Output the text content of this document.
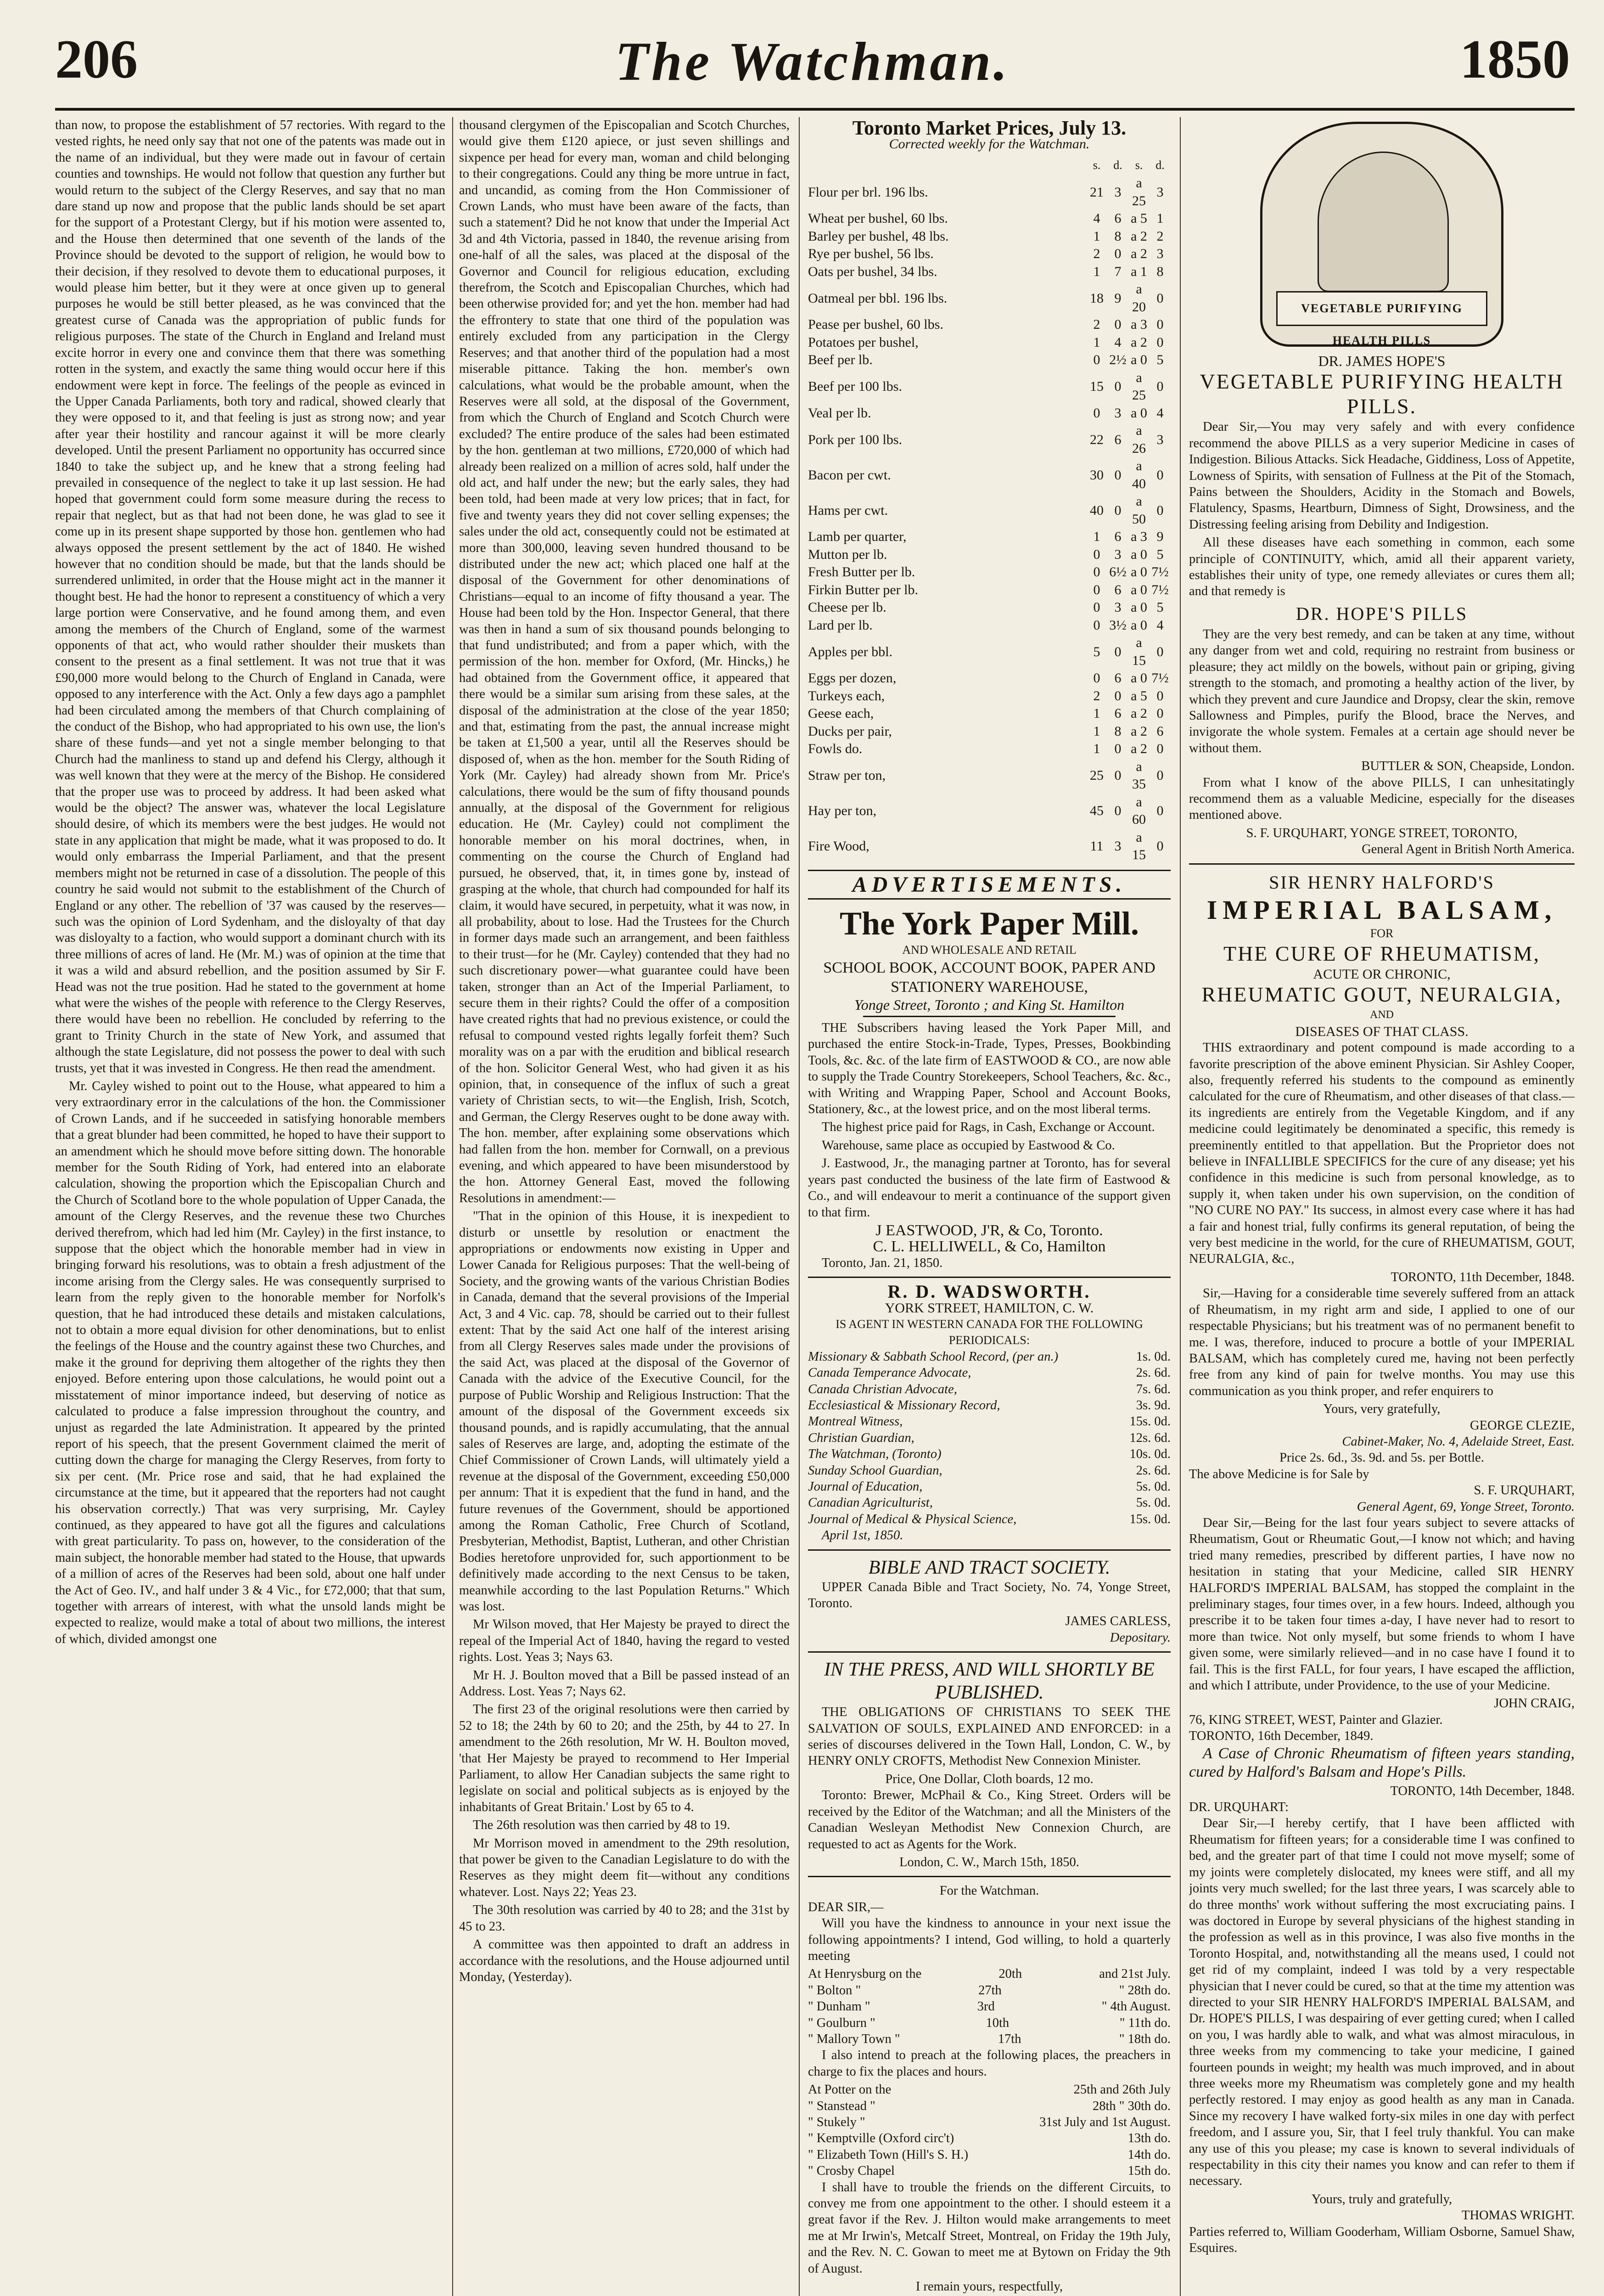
206	The Watchman.	1850

than now, to propose the establishment of 57 rectories. With regard to the vested rights, he need only say that not one of the patents was made out in the name of an individual, but they were made out in favour of certain counties and townships. He would not follow that question any further but would return to the subject of the Clergy Reserves, and say that no man dare stand up now and propose that the public lands should be set apart for the support of a Protestant Clergy, but if his motion were assented to, and the House then determined that one seventh of the lands of the Province should be devoted to the support of religion, he would bow to their decision, if they resolved to devote them to educational purposes, it would please him better, but it they were at once given up to general purposes he would be still better pleased, as he was convinced that the greatest curse of Canada was the appropriation of public funds for religious purposes. The state of the Church in England and Ireland must excite horror in every one and convince them that there was something rotten in the system, and exactly the same thing would occur here if this endowment were kept in force. The feelings of the people as evinced in the Upper Canada Parliaments, both tory and radical, showed clearly that they were opposed to it, and that feeling is just as strong now; and year after year their hostility and rancour against it will be more clearly developed. Until the present Parliament no opportunity has occurred since 1840 to take the subject up, and he knew that a strong feeling had prevailed in consequence of the neglect to take it up last session. He had hoped that government could form some measure during the recess to repair that neglect, but as that had not been done, he was glad to see it come up in its present shape supported by those hon. gentlemen who had always opposed the present settlement by the act of 1840. He wished however that no condition should be made, but that the lands should be surrendered unlimited, in order that the House might act in the manner it thought best. He had the honor to represent a constituency of which a very large portion were Conservative, and he found among them, and even among the members of the Church of England, some of the warmest opponents of that act, who would rather shoulder their muskets than consent to the present as a final settlement. It was not true that it was £90,000 more would belong to the Church of England in Canada, were opposed to any interference with the Act. Only a few days ago a pamphlet had been circulated among the members of that Church complaining of the conduct of the Bishop, who had appropriated to his own use, the lion's share of these funds—and yet not a single member belonging to that Church had the manliness to stand up and defend his Clergy, although it was well known that they were at the mercy of the Bishop. He considered that the proper use was to proceed by address. It had been asked what would be the object? The answer was, whatever the local Legislature should desire, of which its members were the best judges. He would not state in any application that might be made, what it was proposed to do. It would only embarrass the Imperial Parliament, and that the present members might not be returned in case of a dissolution. The people of this country he said would not submit to the establishment of the Church of England or any other. The rebellion of '37 was caused by the reserves—such was the opinion of Lord Sydenham, and the disloyalty of that day was disloyalty to a faction, who would support a dominant church with its three millions of acres of land. He (Mr. M.) was of opinion at the time that it was a wild and absurd rebellion, and the position assumed by Sir F. Head was not the true position. Had he stated to the government at home what were the wishes of the people with reference to the Clergy Reserves, there would have been no rebellion. He concluded by referring to the grant to Trinity Church in the state of New York, and assumed that although the state Legislature, did not possess the power to deal with such trusts, yet that it was invested in Congress. He then read the amendment.

Mr. Cayley wished to point out to the House, what appeared to him a very extraordinary error in the calculations of the hon. the Commissioner of Crown Lands, and if he succeeded in satisfying honorable members that a great blunder had been committed, he hoped to have their support to an amendment which he should move before sitting down. The honorable member for the South Riding of York, had entered into an elaborate calculation, showing the proportion which the Episcopalian Church and the Church of Scotland bore to the whole population of Upper Canada, the amount of the Clergy Reserves, and the revenue these two Churches derived therefrom, which had led him (Mr. Cayley) in the first instance, to suppose that the object which the honorable member had in view in bringing forward his resolutions, was to obtain a fresh adjustment of the income arising from the Clergy sales. He was consequently surprised to learn from the reply given to the honorable member for Norfolk's question, that he had introduced these details and mistaken calculations, not to obtain a more equal division for other denominations, but to enlist the feelings of the House and the country against these two Churches, and make it the ground for depriving them altogether of the rights they then enjoyed. Before entering upon those calculations, he would point out a misstatement of minor importance indeed, but deserving of notice as calculated to produce a false impression throughout the country, and unjust as regarded the late Administration. It appeared by the printed report of his speech, that the present Government claimed the merit of cutting down the charge for managing the Clergy Reserves, from forty to six per cent. (Mr. Price rose and said, that he had explained the circumstance at the time, but it appeared that the reporters had not caught his observation correctly.) That was very surprising, Mr. Cayley continued, as they appeared to have got all the figures and calculations with great particularity. To pass on, however, to the consideration of the main subject, the honorable member had stated to the House, that upwards of a million of acres of the Reserves had been sold, about one half under the Act of Geo. IV., and half under 3 & 4 Vic., for £72,000; that that sum, together with arrears of interest, with what the unsold lands might be expected to realize, would make a total of about two millions, the interest of which, divided amongst one

thousand clergymen of the Episcopalian and Scotch Churches, would give them £120 apiece, or just seven shillings and sixpence per head for every man, woman and child belonging to their congregations. Could any thing be more untrue in fact, and uncandid, as coming from the Hon Commissioner of Crown Lands, who must have been aware of the facts, than such a statement? Did he not know that under the Imperial Act 3d and 4th Victoria, passed in 1840, the revenue arising from one-half of all the sales, was placed at the disposal of the Governor and Council for religious education, excluding therefrom, the Scotch and Episcopalian Churches, which had been otherwise provided for; and yet the hon. member had had the effrontery to state that one third of the population was entirely excluded from any participation in the Clergy Reserves; and that another third of the population had a most miserable pittance. Taking the hon. member's own calculations, what would be the probable amount, when the Reserves were all sold, at the disposal of the Government, from which the Church of England and Scotch Church were excluded? The entire produce of the sales had been estimated by the hon. gentleman at two millions, £720,000 of which had already been realized on a million of acres sold, half under the old act, and half under the new; but the early sales, they had been told, had been made at very low prices; that in fact, for five and twenty years they did not cover selling expenses; the sales under the old act, consequently could not be estimated at more than 300,000, leaving seven hundred thousand to be distributed under the new act; which placed one half at the disposal of the Government for other denominations of Christians—equal to an income of fifty thousand a year. The House had been told by the Hon. Inspector General, that there was then in hand a sum of six thousand pounds belonging to that fund undistributed; and from a paper which, with the permission of the hon. member for Oxford, (Mr. Hincks,) he had obtained from the Government office, it appeared that there would be a similar sum arising from these sales, at the disposal of the administration at the close of the year 1850; and that, estimating from the past, the annual increase might be taken at £1,500 a year, until all the Reserves should be disposed of, when as the hon. member for the South Riding of York (Mr. Cayley) had already shown from Mr. Price's calculations, there would be the sum of fifty thousand pounds annually, at the disposal of the Government for religious education. He (Mr. Cayley) could not compliment the honorable member on his moral doctrines, when, in commenting on the course the Church of England had pursued, he observed, that, it, in times gone by, instead of grasping at the whole, that church had compounded for half its claim, it would have secured, in perpetuity, what it was now, in all probability, about to lose. Had the Trustees for the Church in former days made such an arrangement, and been faithless to their trust—for he (Mr. Cayley) contended that they had no such discretionary power—what guarantee could have been taken, stronger than an Act of the Imperial Parliament, to secure them in their rights? Could the offer of a composition have created rights that had no previous existence, or could the refusal to compound vested rights legally forfeit them? Such morality was on a par with the erudition and biblical research of the hon. Solicitor General West, who had given it as his opinion, that, in consequence of the influx of such a great variety of Christian sects, to wit—the English, Irish, Scotch, and German, the Clergy Reserves ought to be done away with. The hon. member, after explaining some observations which had fallen from the hon. member for Cornwall, on a previous evening, and which appeared to have been misunderstood by the hon. Attorney General East, moved the following Resolutions in amendment:—

"That in the opinion of this House, it is inexpedient to disturb or unsettle by resolution or enactment the appropriations or endowments now existing in Upper and Lower Canada for Religious purposes: That the well-being of Society, and the growing wants of the various Christian Bodies in Canada, demand that the several provisions of the Imperial Act, 3 and 4 Vic. cap. 78, should be carried out to their fullest extent: That by the said Act one half of the interest arising from all Clergy Reserves sales made under the provisions of the said Act, was placed at the disposal of the Governor of Canada with the advice of the Executive Council, for the purpose of Public Worship and Religious Instruction: That the amount of the disposal of the Government exceeds six thousand pounds, and is rapidly accumulating, that the annual sales of Reserves are large, and, adopting the estimate of the Chief Commissioner of Crown Lands, will ultimately yield a revenue at the disposal of the Government, exceeding £50,000 per annum: That it is expedient that the fund in hand, and the future revenues of the Government, should be apportioned among the Roman Catholic, Free Church of Scotland, Presbyterian, Methodist, Baptist, Lutheran, and other Christian Bodies heretofore unprovided for, such apportionment to be definitively made according to the next Census to be taken, meanwhile according to the last Population Returns." Which was lost.

Mr Wilson moved, that Her Majesty be prayed to direct the repeal of the Imperial Act of 1840, having the regard to vested rights. Lost. Yeas 3; Nays 63.

Mr H. J. Boulton moved that a Bill be passed instead of an Address. Lost. Yeas 7; Nays 62.

The first 23 of the original resolutions were then carried by 52 to 18; the 24th by 60 to 20; and the 25th, by 44 to 27. In amendment to the 26th resolution, Mr W. H. Boulton moved, 'that Her Majesty be prayed to recommend to Her Imperial Parliament, to allow Her Canadian subjects the same right to legislate on social and political subjects as is enjoyed by the inhabitants of Great Britain.' Lost by 65 to 4.

The 26th resolution was then carried by 48 to 19.

Mr Morrison moved in amendment to the 29th resolution, that power be given to the Canadian Legislature to do with the Reserves as they might deem fit—without any conditions whatever. Lost. Nays 22; Yeas 23.

The 30th resolution was carried by 40 to 28; and the 31st by 45 to 23.

A committee was then appointed to draft an address in accordance with the resolutions, and the House adjourned until Monday, (Yesterday).

Toronto Market Prices, July 13.
Corrected weekly for the Watchman.
	s.	d.	s.	d.
Flour per brl. 196 lbs.	21	3	a 25	3
Wheat per bushel, 60 lbs.	4	6	a 5	1
Barley per bushel, 48 lbs.	1	8	a 2	2
Rye per bushel, 56 lbs.	2	0	a 2	3
Oats per bushel, 34 lbs.	1	7	a 1	8
Oatmeal per bbl. 196 lbs.	18	9	a 20	0
Pease per bushel, 60 lbs.	2	0	a 3	0
Potatoes per bushel,	1	4	a 2	0
Beef per lb.	0	2½	a 0	5
Beef per 100 lbs.	15	0	a 25	0
Veal per lb.	0	3	a 0	4
Pork per 100 lbs.	22	6	a 26	3
Bacon per cwt.	30	0	a 40	0
Hams per cwt.	40	0	a 50	0
Lamb per quarter,	1	6	a 3	9
Mutton per lb.	0	3	a 0	5
Fresh Butter per lb.	0	6½	a 0	7½
Firkin Butter per lb.	0	6	a 0	7½
Cheese per lb.	0	3	a 0	5
Lard per lb.	0	3½	a 0	4
Apples per bbl.	5	0	a 15	0
Eggs per dozen,	0	6	a 0	7½
Turkeys each,	2	0	a 5	0
Geese each,	1	6	a 2	0
Ducks per pair,	1	8	a 2	6
Fowls do.	1	0	a 2	0
Straw per ton,	25	0	a 35	0
Hay per ton,	45	0	a 60	0
Fire Wood,	11	3	a 15	0
ADVERTISEMENTS.
The York Paper Mill.
AND WHOLESALE AND RETAIL
SCHOOL BOOK, ACCOUNT BOOK, PAPER AND STATIONERY WAREHOUSE,
Yonge Street, Toronto ; and King St. Hamilton

THE Subscribers having leased the York Paper Mill, and purchased the entire Stock-in-Trade, Types, Presses, Bookbinding Tools, &c. &c. of the late firm of EASTWOOD & CO., are now able to supply the Trade Country Storekeepers, School Teachers, &c. &c., with Writing and Wrapping Paper, School and Account Books, Stationery, &c., at the lowest price, and on the most liberal terms.

The highest price paid for Rags, in Cash, Exchange or Account.

Warehouse, same place as occupied by Eastwood & Co.

J. Eastwood, Jr., the managing partner at Toronto, has for several years past conducted the business of the late firm of Eastwood & Co., and will endeavour to merit a continuance of the support given to that firm.

J EASTWOOD, J'R, & Co, Toronto.
C. L. HELLIWELL, & Co, Hamilton

Toronto, Jan. 21, 1850.

R. D. WADSWORTH.
YORK STREET, HAMILTON, C. W.
IS AGENT IN WESTERN CANADA FOR THE FOLLOWING PERIODICALS:
Missionary & Sabbath School Record, (per an.)	1s. 0d.
Canada Temperance Advocate,	2s. 6d.
Canada Christian Advocate,	7s. 6d.
Ecclesiastical & Missionary Record,	3s. 9d.
Montreal Witness,	15s. 0d.
Christian Guardian,	12s. 6d.
The Watchman, (Toronto)	10s. 0d.
Sunday School Guardian,	2s. 6d.
Journal of Education,	5s. 0d.
Canadian Agriculturist,	5s. 0d.
Journal of Medical & Physical Science,	15s. 0d.

April 1st, 1850.

BIBLE AND TRACT SOCIETY.

UPPER Canada Bible and Tract Society, No. 74, Yonge Street, Toronto.

JAMES CARLESS,
Depositary.
IN THE PRESS, AND WILL SHORTLY BE PUBLISHED.

THE OBLIGATIONS OF CHRISTIANS TO SEEK THE SALVATION OF SOULS, EXPLAINED AND ENFORCED: in a series of discourses delivered in the Town Hall, London, C. W., by HENRY ONLY CROFTS, Methodist New Connexion Minister.

Price, One Dollar, Cloth boards, 12 mo.

Toronto: Brewer, McPhail & Co., King Street. Orders will be received by the Editor of the Watchman; and all the Ministers of the Canadian Wesleyan Methodist New Connexion Church, are requested to act as Agents for the Work.

London, C. W., March 15th, 1850.
For the Watchman.
DEAR SIR,—

Will you have the kindness to announce in your next issue the following appointments? I intend, God willing, to hold a quarterly meeting

At Henrysburg on the	20th	and 21st July.
" Bolton "	27th	" 28th do.
" Dunham "	3rd	" 4th August.
" Goulburn "	10th	" 11th do.
" Mallory Town "	17th	" 18th do.

I also intend to preach at the following places, the preachers in charge to fix the places and hours.

At Potter on the	25th and 26th July
" Stanstead "	28th " 30th do.
" Stukely "	31st July and 1st August.
" Kemptville (Oxford circ't)	13th do.
" Elizabeth Town (Hill's S. H.)	14th do.
" Crosby Chapel	15th do.

I shall have to trouble the friends on the different Circuits, to convey me from one appointment to the other. I should esteem it a great favor if the Rev. J. Hilton would make arrangements to meet me at Mr Irwin's, Metcalf Street, Montreal, on Friday the 19th July, and the Rev. N. C. Gowan to meet me at Bytown on Friday the 9th of August.

I remain yours, respectfully,
VEGETABLE PURIFYING HEALTH PILLS
DR. JAMES HOPE'S
VEGETABLE PURIFYING HEALTH PILLS.

Dear Sir,—You may very safely and with every confidence recommend the above PILLS as a very superior Medicine in cases of Indigestion. Bilious Attacks. Sick Headache, Giddiness, Loss of Appetite, Lowness of Spirits, with sensation of Fullness at the Pit of the Stomach, Pains between the Shoulders, Acidity in the Stomach and Bowels, Flatulency, Spasms, Heartburn, Dimness of Sight, Drowsiness, and the Distressing feeling arising from Debility and Indigestion.

All these diseases have each something in common, each some principle of CONTINUITY, which, amid all their apparent variety, establishes their unity of type, one remedy alleviates or cures them all; and that remedy is

DR. HOPE'S PILLS

They are the very best remedy, and can be taken at any time, without any danger from wet and cold, requiring no restraint from business or pleasure; they act mildly on the bowels, without pain or griping, giving strength to the stomach, and promoting a healthy action of the liver, by which they prevent and cure Jaundice and Dropsy, clear the skin, remove Sallowness and Pimples, purify the Blood, brace the Nerves, and invigorate the whole system. Females at a certain age should never be without them.

BUTTLER & SON, Cheapside, London.

From what I know of the above PILLS, I can unhesitatingly recommend them as a valuable Medicine, especially for the diseases mentioned above.

S. F. URQUHART, YONGE STREET, TORONTO,
General Agent in British North America.
SIR HENRY HALFORD'S
IMPERIAL BALSAM,
FOR
THE CURE OF RHEUMATISM,
ACUTE OR CHRONIC,
RHEUMATIC GOUT, NEURALGIA,
AND
DISEASES OF THAT CLASS.

THIS extraordinary and potent compound is made according to a favorite prescription of the above eminent Physician. Sir Ashley Cooper, also, frequently referred his students to the compound as eminently calculated for the cure of Rheumatism, and other diseases of that class.—its ingredients are entirely from the Vegetable Kingdom, and if any medicine could legitimately be denominated a specific, this remedy is preeminently entitled to that appellation. But the Proprietor does not believe in INFALLIBLE SPECIFICS for the cure of any disease; yet his confidence in this medicine is such from personal knowledge, as to supply it, when taken under his own supervision, on the condition of "NO CURE NO PAY." Its success, in almost every case where it has had a fair and honest trial, fully confirms its general reputation, of being the very best medicine in the world, for the cure of RHEUMATISM, GOUT, NEURALGIA, &c.,

TORONTO, 11th December, 1848.

Sir,—Having for a considerable time severely suffered from an attack of Rheumatism, in my right arm and side, I applied to one of our respectable Physicians; but his treatment was of no permanent benefit to me. I was, therefore, induced to procure a bottle of your IMPERIAL BALSAM, which has completely cured me, having not been perfectly free from any kind of pain for twelve months. You may use this communication as you think proper, and refer enquirers to

Yours, very gratefully,
GEORGE CLEZIE,
Cabinet-Maker, No. 4, Adelaide Street, East.
Price 2s. 6d., 3s. 9d. and 5s. per Bottle.
The above Medicine is for Sale by
S. F. URQUHART,
General Agent, 69, Yonge Street, Toronto.

Dear Sir,—Being for the last four years subject to severe attacks of Rheumatism, Gout or Rheumatic Gout,—I know not which; and having tried many remedies, prescribed by different parties, I have now no hesitation in stating that your Medicine, called SIR HENRY HALFORD'S IMPERIAL BALSAM, has stopped the complaint in the preliminary stages, four times over, in a few hours. Indeed, although you prescribe it to be taken four times a-day, I have never had to resort to more than twice. Not only myself, but some friends to whom I have given some, were similarly relieved—and in no case have I found it to fail. This is the first FALL, for four years, I have escaped the affliction, and which I attribute, under Providence, to the use of your Medicine.

JOHN CRAIG,
76, KING STREET, WEST, Painter and Glazier.
TORONTO, 16th December, 1849.

A Case of Chronic Rheumatism of fifteen years standing, cured by Halford's Balsam and Hope's Pills.

TORONTO, 14th December, 1848.
DR. URQUHART:

Dear Sir,—I hereby certify, that I have been afflicted with Rheumatism for fifteen years; for a considerable time I was confined to bed, and the greater part of that time I could not move myself; some of my joints were completely dislocated, my knees were stiff, and all my joints very much swelled; for the last three years, I was scarcely able to do three months' work without suffering the most excruciating pains. I was doctored in Europe by several physicians of the highest standing in the profession as well as in this province, I was also five months in the Toronto Hospital, and, notwithstanding all the means used, I could not get rid of my complaint, indeed I was told by a very respectable physician that I never could be cured, so that at the time my attention was directed to your SIR HENRY HALFORD'S IMPERIAL BALSAM, and Dr. HOPE'S PILLS, I was despairing of ever getting cured; when I called on you, I was hardly able to walk, and what was almost miraculous, in three weeks from my commencing to take your medicine, I gained fourteen pounds in weight; my health was much improved, and in about three weeks more my Rheumatism was completely gone and my health perfectly restored. I may enjoy as good health as any man in Canada. Since my recovery I have walked forty-six miles in one day with perfect freedom, and I assure you, Sir, that I feel truly thankful. You can make any use of this you please; my case is known to several individuals of respectability in this city their names you know and can refer to them if necessary.

Yours, truly and gratefully,
THOMAS WRIGHT.
Parties referred to, William Gooderham, William Osborne, Samuel Shaw, Esquires.
